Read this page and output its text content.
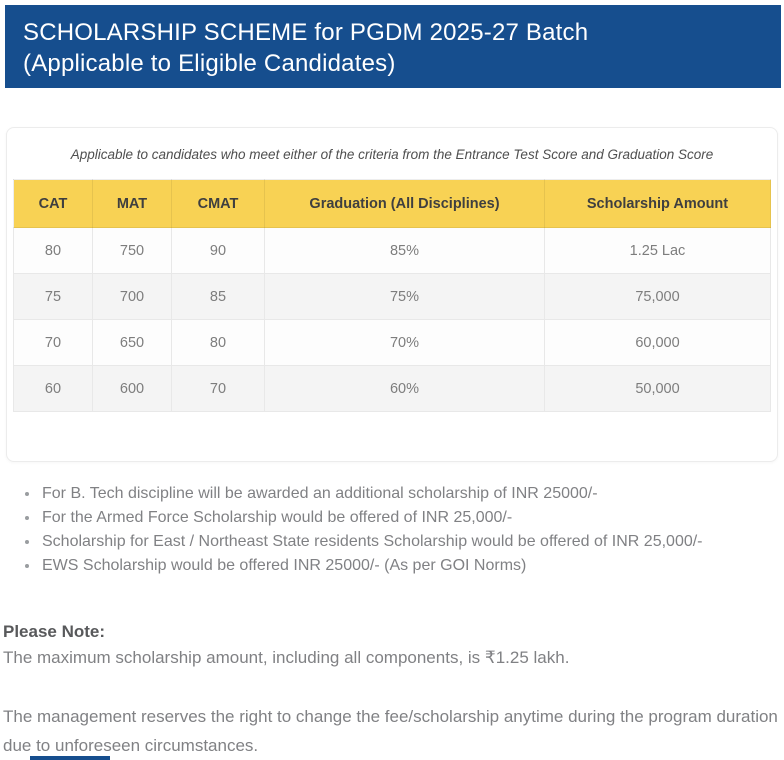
SCHOLARSHIP SCHEME for PGDM 2025-27 Batch
(Applicable to Eligible Candidates)

Applicable to candidates who meet either of the criteria from the Entrance Test Score and Graduation Score

CAT	MAT	CMAT	Graduation (All Disciplines)	Scholarship Amount
80	750	90	85%	1.25 Lac
75	700	85	75%	75,000
70	650	80	70%	60,000
60	600	70	60%	50,000
• For B. Tech discipline will be awarded an additional scholarship of INR 25000/-
• For the Armed Force Scholarship would be offered of INR 25,000/-
• Scholarship for East / Northeast State residents Scholarship would be offered of INR 25,000/-
• EWS Scholarship would be offered INR 25000/- (As per GOI Norms)

Please Note:

The maximum scholarship amount, including all components, is ₹1.25 lakh.

The management reserves the right to change the fee/scholarship anytime during the program duration due to unforeseen circumstances.
